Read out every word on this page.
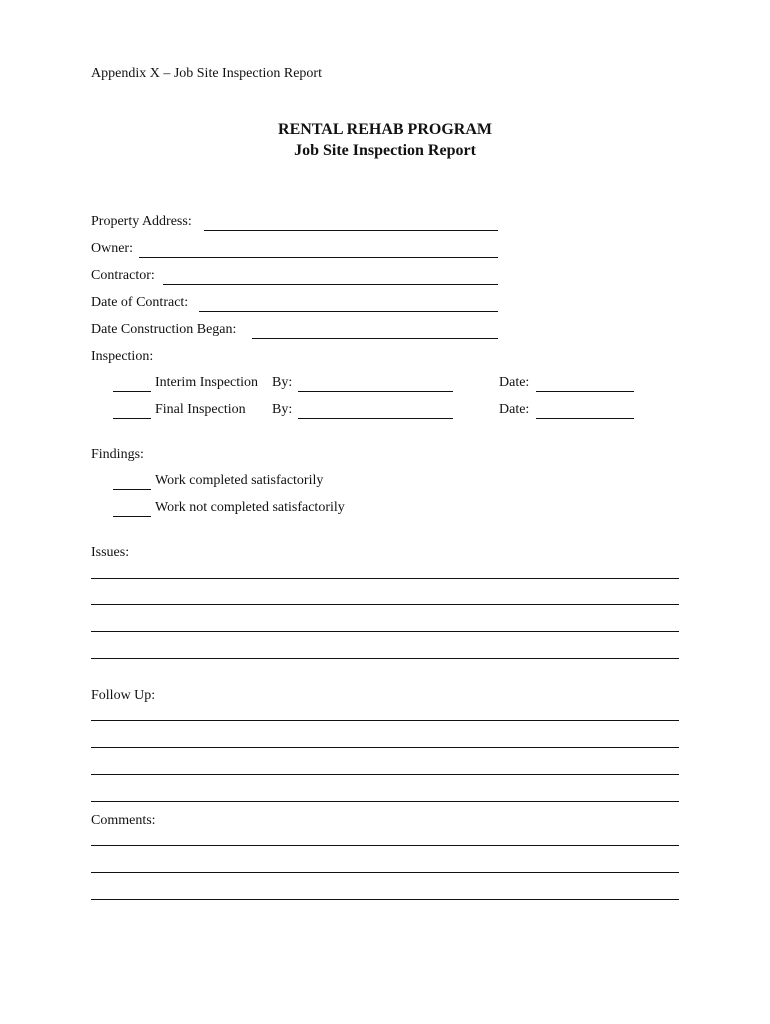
Appendix X – Job Site Inspection Report
RENTAL REHAB PROGRAM
Job Site Inspection Report
Property Address:
Owner:
Contractor:
Date of Contract:
Date Construction Began:
Inspection:
Interim Inspection By:	Date:
Final Inspection By:	Date:
Findings:
Work completed satisfactorily
Work not completed satisfactorily
Issues:
Follow Up:
Comments:
